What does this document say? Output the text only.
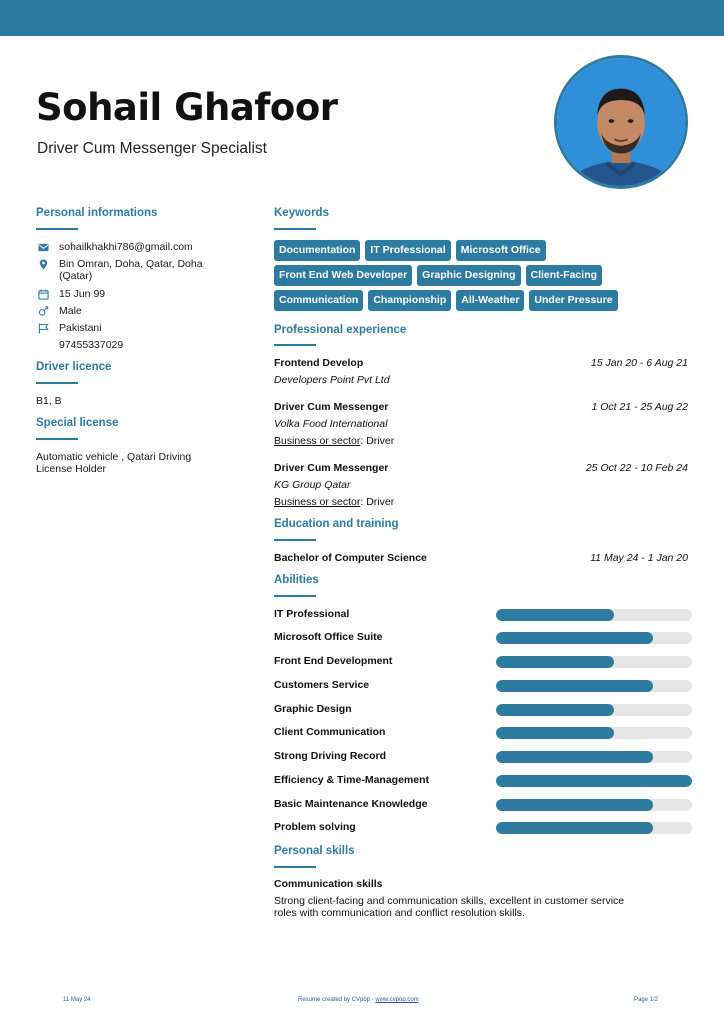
Sohail Ghafoor
Driver Cum Messenger Specialist
Personal informations
sohailkhakhi786@gmail.com
Bin Omran, Doha, Qatar, Doha
(Qatar)
15 Jun 99
Male
Pakistani
97455337029
Driver licence
B1, B
Special license
Automatic vehicle , Qatari Driving
License Holder
Keywords
Documentation	IT Professional	Microsoft Office
Front End Web Developer	Graphic Designing	Client-Facing
Communication	Championship	All-Weather	Under Pressure
Professional experience
Frontend Develop	15 Jan 20 - 6 Aug 21
Developers Point Pvt Ltd
Driver Cum Messenger	1 Oct 21 - 25 Aug 22
Volka Food International
Business or sector: Driver
Driver Cum Messenger	25 Oct 22 - 10 Feb 24
KG Group Qatar
Business or sector: Driver
Education and training
Bachelor of Computer Science	11 May 24 - 1 Jan 20
Abilities
IT Professional
Microsoft Office Suite
Front End Development
Customers Service
Graphic Design
Client Communication
Strong Driving Record
Efficiency & Time-Management
Basic Maintenance Knowledge
Problem solving
Personal skills
Communication skills
Strong client-facing and communication skills, excellent in customer service
roles with communication and conflict resolution skills.
11 May 24	Resume created by CVpop - www.cvpop.com	Page 1/2
